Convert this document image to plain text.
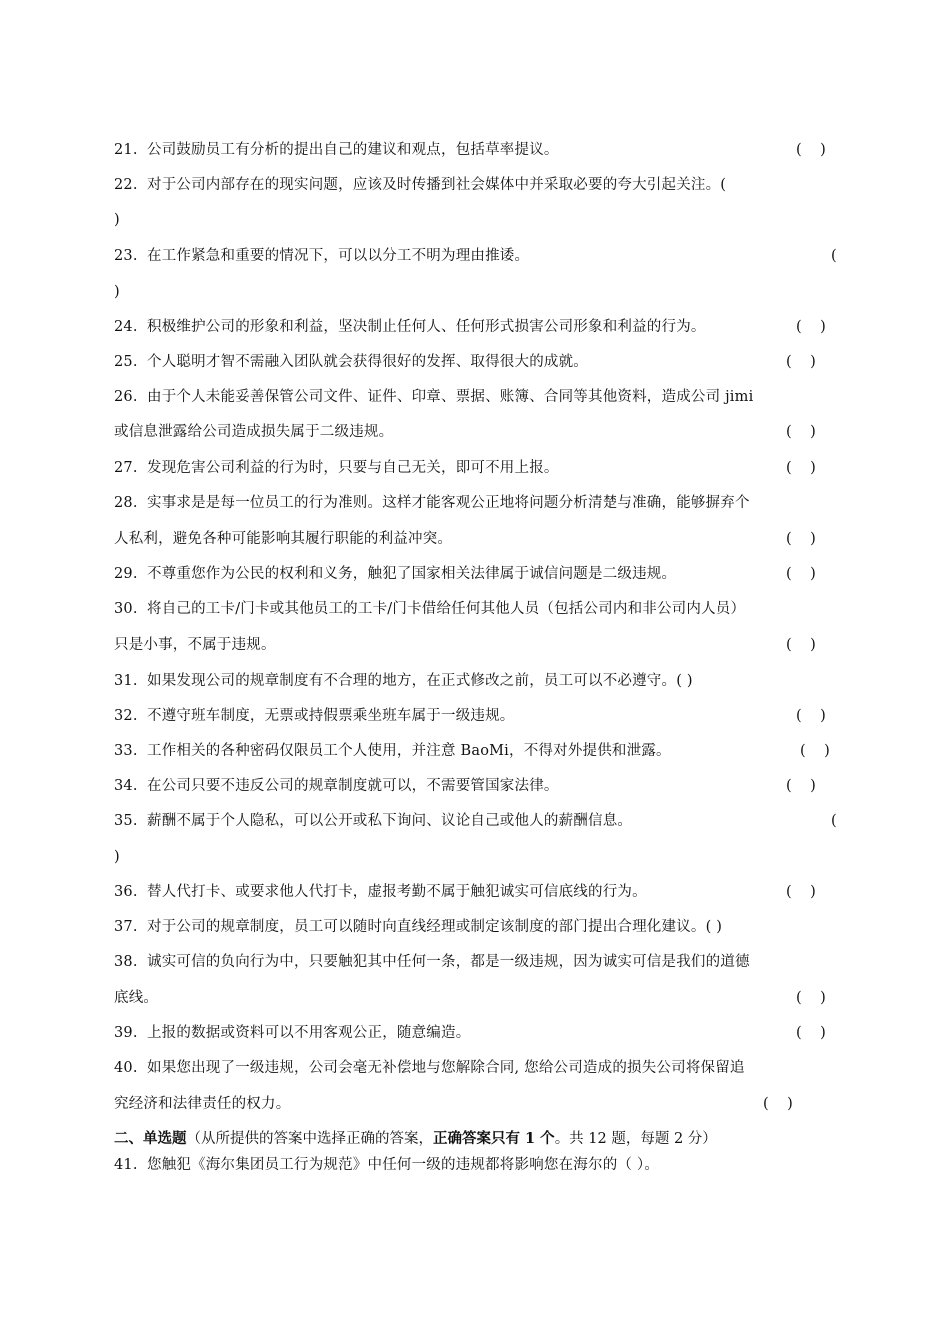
21. 公司鼓励员工有分析的提出自己的建议和观点，包括草率提议。	(    )
22. 对于公司内部存在的现实问题，应该及时传播到社会媒体中并采取必要的夸大引起关注。(
)
23. 在工作紧急和重要的情况下，可以以分工不明为理由推诿。
)
(
24. 积极维护公司的形象和利益，坚决制止任何人、任何形式损害公司形象和利益的行为。	(    )
25. 个人聪明才智不需融入团队就会获得很好的发挥、取得很大的成就。	(    )
26. 由于个人未能妥善保管公司文件、证件、印章、票据、账簿、合同等其他资料，造成公司 jimi
或信息泄露给公司造成损失属于二级违规。	(    )
27. 发现危害公司利益的行为时，只要与自己无关，即可不用上报。	(    )
28. 实事求是是每一位员工的行为准则。这样才能客观公正地将问题分析清楚与准确，能够摒弃个
人私利，避免各种可能影响其履行职能的利益冲突。	(    )
29. 不尊重您作为公民的权利和义务，触犯了国家相关法律属于诚信问题是二级违规。	(    )
30. 将自己的工卡/门卡或其他员工的工卡/门卡借给任何其他人员（包括公司内和非公司内人员）
只是小事，不属于违规。	(    )
31. 如果发现公司的规章制度有不合理的地方，在正式修改之前，员工可以不必遵守。( )
32. 不遵守班车制度，无票或持假票乘坐班车属于一级违规。	(    )
33. 工作相关的各种密码仅限员工个人使用，并注意 BaoMi，不得对外提供和泄露。	(    )
34. 在公司只要不违反公司的规章制度就可以，不需要管国家法律。	(    )
35. 薪酬不属于个人隐私，可以公开或私下询问、议论自己或他人的薪酬信息。
)
(
36. 替人代打卡、或要求他人代打卡，虚报考勤不属于触犯诚实可信底线的行为。	(    )
37. 对于公司的规章制度，员工可以随时向直线经理或制定该制度的部门提出合理化建议。( )
38. 诚实可信的负向行为中，只要触犯其中任何一条，都是一级违规，因为诚实可信是我们的道德
底线。	(    )
39. 上报的数据或资料可以不用客观公正，随意编造。	(    )
40. 如果您出现了一级违规，公司会毫无补偿地与您解除合同, 您给公司造成的损失公司将保留追
究经济和法律责任的权力。	(    )
二、单选题（从所提供的答案中选择正确的答案，正确答案只有 1 个。共 12 题，每题 2 分）
41. 您触犯《海尔集团员工行为规范》中任何一级的违规都将影响您在海尔的（ ）。
